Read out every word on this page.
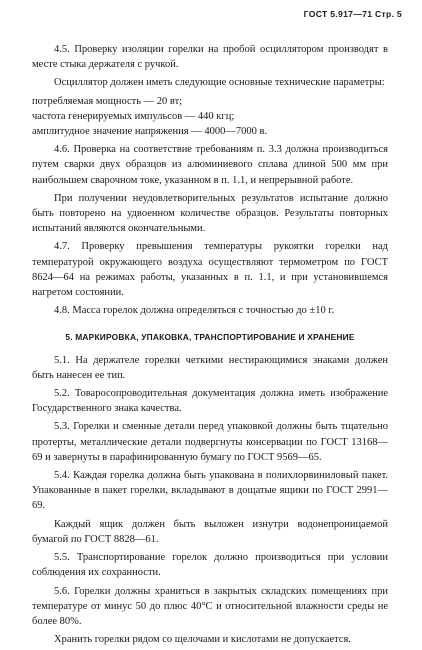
ГОСТ 5.917—71 Стр. 5

4.5. Проверку изоляции горелки на пробой осциллятором производят в месте стыка держателя с ручкой.

Осциллятор должен иметь следующие основные технические параметры:

потребляемая мощность — 20 вт;

частота генерируемых импульсов — 440 кгц;

амплитудное значение напряжения — 4000—7000 в.

4.6. Проверка на соответствие требованиям п. 3.3 должна производиться путем сварки двух образцов из алюминиевого сплава длиной 500 мм при наибольшем сварочном токе, указанном в п. 1.1, и непрерывной работе.

При получении неудовлетворительных результатов испытание должно быть повторено на удвоенном количестве образцов. Результаты повторных испытаний являются окончательными.

4.7. Проверку превышения температуры рукоятки горелки над температурой окружающего воздуха осуществляют термометром по ГОСТ 8624—64 на режимах работы, указанных в п. 1.1, и при установившемся нагретом состоянии.

4.8. Масса горелок должна определяться с точностью до ±10 г.

5. МАРКИРОВКА, УПАКОВКА, ТРАНСПОРТИРОВАНИЕ И ХРАНЕНИЕ

5.1. На держателе горелки четкими нестирающимися знаками должен быть нанесен ее тип.

5.2. Товаросопроводительная документация должна иметь изображение Государственного знака качества.

5.3. Горелки и сменные детали перед упаковкой должны быть тщательно протерты, металлические детали подвергнуты консервации по ГОСТ 13168—69 и завернуты в парафинированную бумагу по ГОСТ 9569—65.

5.4. Каждая горелка должна быть упакована в полихлорвиниловый пакет. Упакованные в пакет горелки, вкладывают в дощатые ящики по ГОСТ 2991—69.

Каждый ящик должен быть выложен изнутри водонепроницаемой бумагой по ГОСТ 8828—61.

5.5. Транспортирование горелок должно производиться при условии соблюдения их сохранности.

5.6. Горелки должны храниться в закрытых складских помещениях при температуре от минус 50 до плюс 40°С и относительной влажности среды не более 80%.

Хранить горелки рядом со щелочами и кислотами не допускается.
